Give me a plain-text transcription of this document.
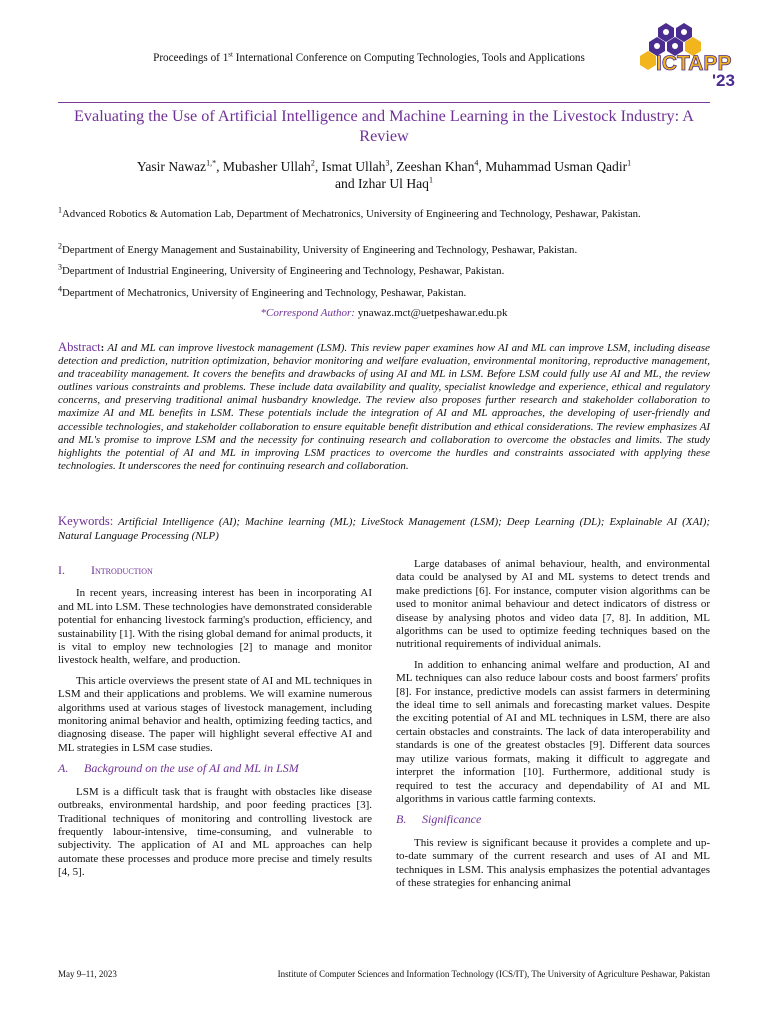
Proceedings of 1st International Conference on Computing Technologies, Tools and Applications	ICTAPP
'23
Evaluating the Use of Artificial Intelligence and Machine Learning in the Livestock Industry: A Review
Yasir Nawaz$^{1,*}$, Mubasher Ullah$^2$, Ismat Ullah$^3$, Zeeshan Khan$^4$, Muhammad Usman Qadir$^1$
and Izhar Ul Haq$^1$
$^1$Advanced Robotics & Automation Lab, Department of Mechatronics, University of Engineering and Technology, Peshawar, Pakistan.
$^2$Department of Energy Management and Sustainability, University of Engineering and Technology, Peshawar, Pakistan.
$^3$Department of Industrial Engineering, University of Engineering and Technology, Peshawar, Pakistan.
$^4$Department of Mechatronics, University of Engineering and Technology, Peshawar, Pakistan.
*Correspond Author: ynawaz.mct@uetpeshawar.edu.pk
Abstract: AI and ML can improve livestock management (LSM). This review paper examines how AI and ML can improve LSM, including disease detection and prediction, nutrition optimization, behavior monitoring and welfare evaluation, environmental monitoring, reproductive management, and traceability management. It covers the benefits and drawbacks of using AI and ML in LSM. Before LSM could fully use AI and ML, the review outlines various constraints and problems. These include data availability and quality, specialist knowledge and experience, ethical and regulatory concerns, and preserving traditional animal husbandry knowledge. The review also proposes further research and stakeholder collaboration to maximize AI and ML benefits in LSM. These potentials include the integration of AI and ML approaches, the developing of user-friendly and accessible technologies, and stakeholder collaboration to ensure equitable benefit distribution and ethical considerations. The review emphasizes AI and ML's promise to improve LSM and the necessity for continuing research and collaboration to overcome the obstacles and limits. The study highlights the potential of AI and ML in improving LSM practices to overcome the hurdles and constraints associated with applying these technologies. It underscores the need for continuing research and collaboration.
Keywords: Artificial Intelligence (AI); Machine learning (ML); LiveStock Management (LSM); Deep Learning (DL); Explainable AI (XAI); Natural Language Processing (NLP)
I. Introduction

In recent years, increasing interest has been in incorporating AI and ML into LSM. These technologies have demonstrated considerable potential for enhancing livestock farming's production, efficiency, and sustainability [1]. With the rising global demand for animal products, it is vital to employ new technologies [2] to manage and monitor livestock health, welfare, and production.

This article overviews the present state of AI and ML techniques in LSM and their applications and problems. We will examine numerous algorithms used at various stages of livestock management, including monitoring animal behavior and health, optimizing feeding tactics, and diagnosing disease. The paper will highlight several effective AI and ML strategies in LSM case studies.

A. Background on the use of AI and ML in LSM

LSM is a difficult task that is fraught with obstacles like disease outbreaks, environmental hardship, and poor feeding practices [3]. Traditional techniques of monitoring and controlling livestock are frequently labour-intensive, time-consuming, and vulnerable to subjectivity. The application of AI and ML approaches can help automate these processes and produce more precise and timely results [4, 5].

Large databases of animal behaviour, health, and environmental data could be analysed by AI and ML systems to detect trends and make predictions [6]. For instance, computer vision algorithms can be used to monitor animal behaviour and detect indicators of distress or disease by analysing photos and video data [7, 8]. In addition, ML algorithms can be used to optimize feeding techniques based on the nutritional requirements of individual animals.

In addition to enhancing animal welfare and production, AI and ML techniques can also reduce labour costs and boost farmers' profits [8]. For instance, predictive models can assist farmers in determining the ideal time to sell animals and forecasting market values. Despite the exciting potential of AI and ML techniques in LSM, there are also certain obstacles and constraints. The lack of data interoperability and standards is one of the greatest obstacles [9]. Different data sources may utilize various formats, making it difficult to aggregate and interpret the information [10]. Furthermore, additional study is required to test the accuracy and dependability of AI and ML algorithms in various cattle farming contexts.

B. Significance

This review is significant because it provides a complete and up-to-date summary of the current research and uses of AI and ML techniques in LSM. This analysis emphasizes the potential advantages of these strategies for enhancing animal

May 9–11, 2023	Institute of Computer Sciences and Information Technology (ICS/IT), The University of Agriculture Peshawar, Pakistan
